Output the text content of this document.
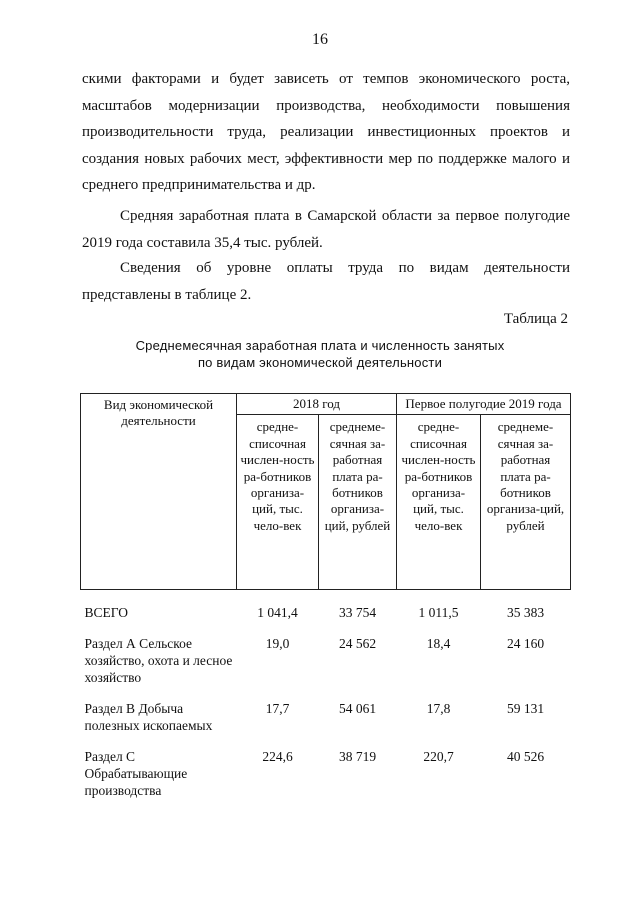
16

скими факторами и будет зависеть от темпов экономического роста, масштабов модернизации производства, необходимости повышения производительности труда, реализации инвестиционных проектов и создания новых рабочих мест, эффективности мер по поддержке малого и среднего предпринимательства и др.

Средняя заработная плата в Самарской области за первое полугодие 2019 года составила 35,4 тыс. рублей.

Сведения об уровне оплаты труда по видам деятельности представлены в таблице 2.

Таблица 2
Среднемесячная заработная плата и численность занятых
по видам экономической деятельности
Вид экономической деятельности	2018 год		Первое полугодие 2019 года	
	средне-списочная числен-ность ра-ботников организа-ций, тыс. чело-век	среднеме-сячная за-работная плата ра-ботников организа-ций, рублей	средне-списочная числен-ность ра-ботников организа-ций, тыс. чело-век	среднеме-сячная за-работная плата ра-ботников организа-ций, рублей

ВСЕГО	1 041,4	33 754	1 011,5	35 383
Раздел А Сельское хозяйство, охота и лесное хозяйство	19,0	24 562	18,4	24 160
Раздел B Добыча полезных ископаемых	17,7	54 061	17,8	59 131
Раздел C Обрабатывающие производства	224,6	38 719	220,7	40 526
